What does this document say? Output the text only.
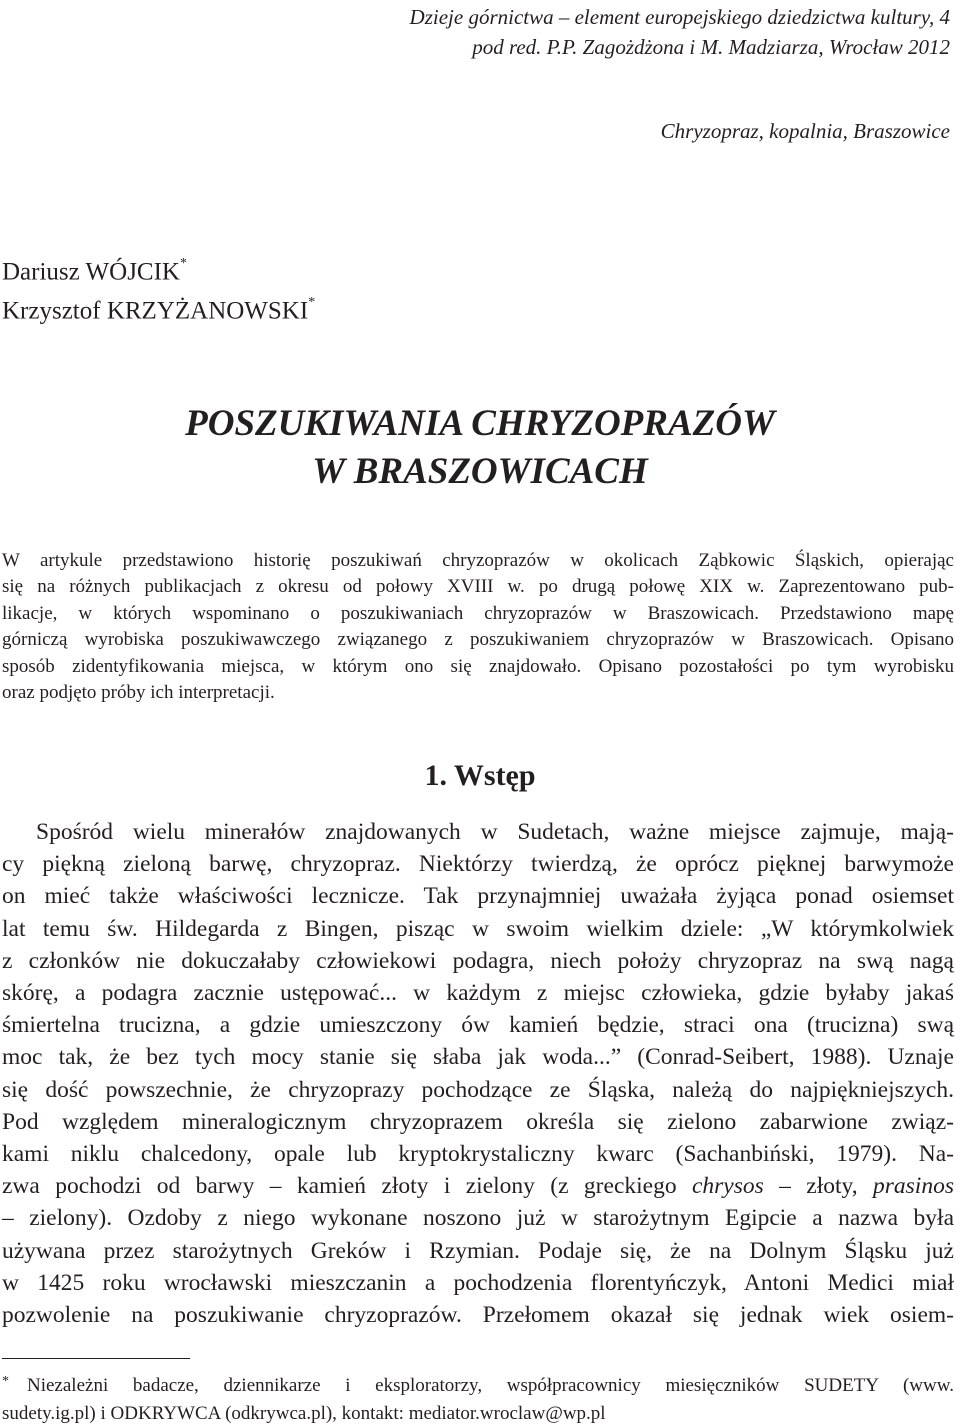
Dzieje górnictwa – element europejskiego dziedzictwa kultury, 4
pod red. P.P. Zagożdżona i M. Madziarza, Wrocław 2012
Chryzopraz, kopalnia, Braszowice
Dariusz WÓJCIK*
Krzysztof KRZYŻANOWSKI*
POSZUKIWANIA CHRYZOPRAZÓW
W BRASZOWICACH
W artykule przedstawiono historię poszukiwań chryzoprazów w okolicach Ząbkowic Śląskich, opierając
się na różnych publikacjach z okresu od połowy XVIII w. po drugą połowę XIX w. Zaprezentowano pub-
likacje, w których wspominano o poszukiwaniach chryzoprazów w Braszowicach. Przedstawiono mapę
górniczą wyrobiska poszukiwawczego związanego z poszukiwaniem chryzoprazów w Braszowicach. Opisano
sposób zidentyfikowania miejsca, w którym ono się znajdowało. Opisano pozostałości po tym wyrobisku
oraz podjęto próby ich interpretacji.
1. Wstęp
Spośród wielu minerałów znajdowanych w Sudetach, ważne miejsce zajmuje, mają-
cy piękną zieloną barwę, chryzopraz. Niektórzy twierdzą, że oprócz pięknej barwymoże
on mieć także właściwości lecznicze. Tak przynajmniej uważała żyjąca ponad osiemset
lat temu św. Hildegarda z Bingen, pisząc w swoim wielkim dziele: „W którymkolwiek
z członków nie dokuczałaby człowiekowi podagra, niech położy chryzopraz na swą nagą
skórę, a podagra zacznie ustępować... w każdym z miejsc człowieka, gdzie byłaby jakaś
śmiertelna trucizna, a gdzie umieszczony ów kamień będzie, straci ona (trucizna) swą
moc tak, że bez tych mocy stanie się słaba jak woda...” (Conrad-Seibert, 1988). Uznaje
się dość powszechnie, że chryzoprazy pochodzące ze Śląska, należą do najpiękniejszych.
Pod względem mineralogicznym chryzoprazem określa się zielono zabarwione związ-
kami niklu chalcedony, opale lub kryptokrystaliczny kwarc (Sachanbiński, 1979). Na-
zwa pochodzi od barwy – kamień złoty i zielony (z greckiego chrysos – złoty, prasinos
– zielony). Ozdoby z niego wykonane noszono już w starożytnym Egipcie a nazwa była
używana przez starożytnych Greków i Rzymian. Podaje się, że na Dolnym Śląsku już
w 1425 roku wrocławski mieszczanin a pochodzenia florentyńczyk, Antoni Medici miał
pozwolenie na poszukiwanie chryzoprazów. Przełomem okazał się jednak wiek osiem-
* Niezależni badacze, dziennikarze i eksploratorzy, współpracownicy miesięczników SUDETY (www.
sudety.ig.pl) i ODKRYWCA (odkrywca.pl), kontakt: mediator.wroclaw@wp.pl
